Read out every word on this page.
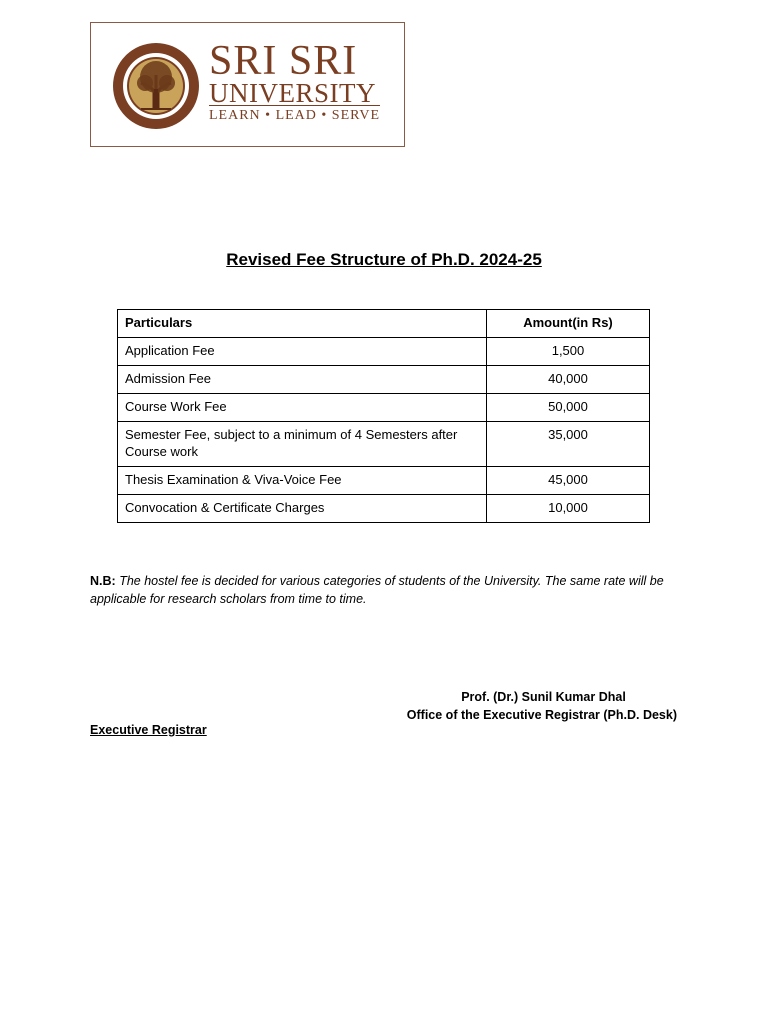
SRI SRI
UNIVERSITY
LEARN • LEAD • SERVE
Revised Fee Structure of Ph.D. 2024-25
Particulars	Amount(in Rs)
Application Fee	1,500
Admission Fee	40,000
Course Work Fee	50,000
Semester Fee, subject to a minimum of 4 Semesters after Course work	35,000
Thesis Examination & Viva-Voice Fee	45,000
Convocation & Certificate Charges	10,000
N.B: The hostel fee is decided for various categories of students of the University. The same rate will be applicable for research scholars from time to time.
Prof. (Dr.) Sunil Kumar Dhal
Office of the Executive Registrar (Ph.D. Desk)
Executive Registrar
